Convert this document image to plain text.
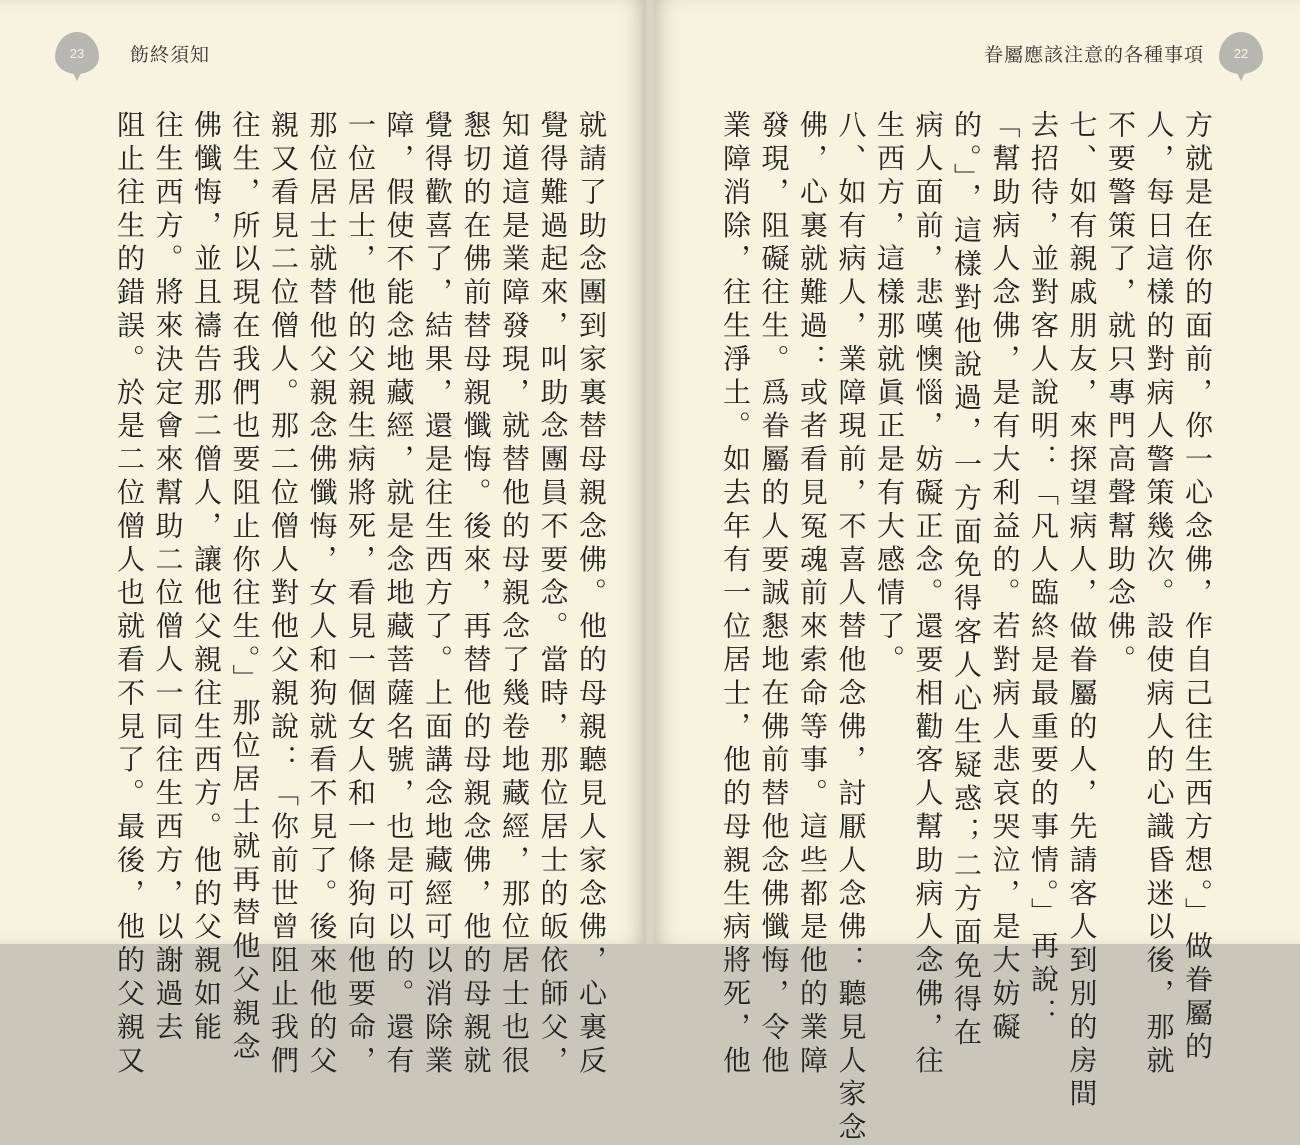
23 飭終須知
就請了助念團到家裏替母親念佛。他的母親聽見人家念佛，心裏反
覺得難過起來，叫助念團員不要念。當時，那位居士的皈依師父，
知道這是業障發現，就替他的母親念了幾卷地藏經，那位居士也很
懇切的在佛前替母親懺悔。後來，再替他的母親念佛，他的母親就
覺得歡喜了，結果，還是往生西方了。上面講念地藏經可以消除業
障，假使不能念地藏經，就是念地藏菩薩名號，也是可以的。還有
一位居士，他的父親生病將死，看見一個女人和一條狗向他要命，
那位居士就替他父親念佛懺悔，女人和狗就看不見了。後來他的父
親又看見二位僧人。那二位僧人對他父親說：「你前世曾阻止我們
往生，所以現在我們也要阻止你往生。」那位居士就再替他父親念
佛懺悔，並且禱告那二僧人，讓他父親往生西方。他的父親如能
往生西方。將來決定會來幫助二位僧人一同往生西方，以謝過去
阻止往生的錯誤。於是二位僧人也就看不見了。最後，他的父親又
22
眷屬應該注意的各種事項
方就是在你的面前，你一心念佛，作自己往生西方想。」做眷屬的
人，每日這樣的對病人警策幾次。設使病人的心識昏迷以後，那就
不要警策了，就只專門高聲幫助念佛。
七、如有親戚朋友，來探望病人，做眷屬的人，先請客人到別的房間
去招待，並對客人說明：「凡人臨終是最重要的事情。」再說：
「幫助病人念佛，是有大利益的。若對病人悲哀哭泣，是大妨礙
的。」，這樣對他說過，一方面免得客人心生疑惑；二方面免得在
病人面前，悲嘆懊惱，妨礙正念。還要相勸客人幫助病人念佛，往
生西方，這樣那就眞正是有大感情了。
八、如有病人，業障現前，不喜人替他念佛，討厭人念佛：聽見人家念
佛，心裏就難過：或者看見冤魂前來索命等事。這些都是他的業障
發現，阻礙往生。爲眷屬的人要誠懇地在佛前替他念佛懺悔，令他
業障消除，往生淨土。如去年有一位居士，他的母親生病將死，他
